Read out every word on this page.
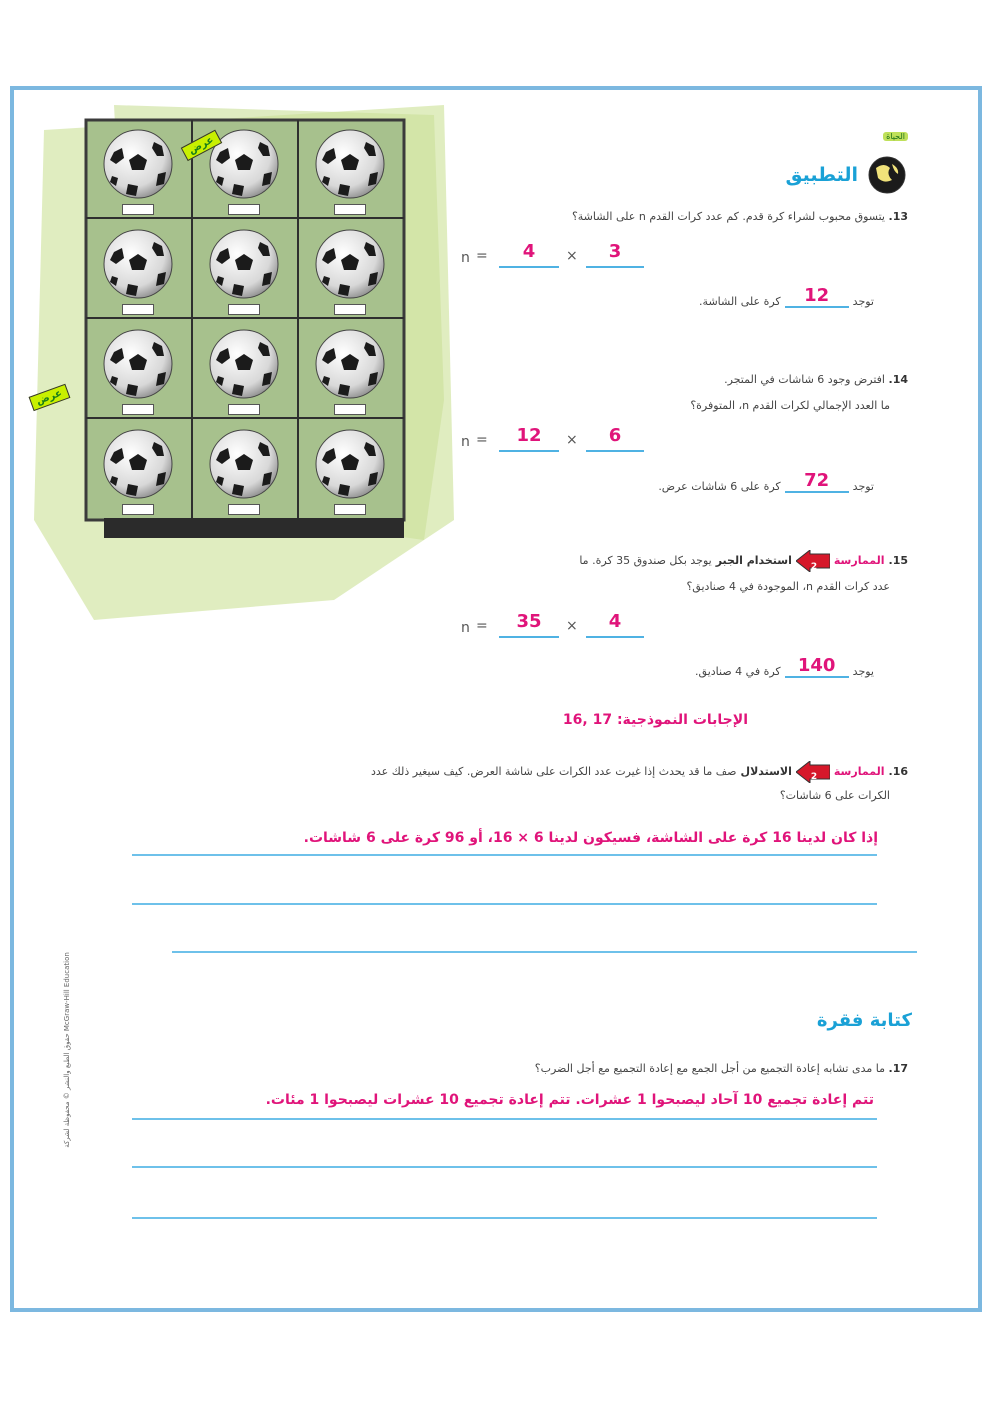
عرض
عرض
التطبيق
الحياة
13. يتسوق محبوب لشراء كرة قدم. كم عدد كرات القدم n على الشاشة؟
n =	4	×	3
توجد
12
كرة على الشاشة.
14. افترض وجود 6 شاشات في المتجر.
ما العدد الإجمالي لكرات القدم n، المتوفرة؟
n =	12	×	6
توجد
72
كرة على 6 شاشات عرض.
15.
الممارسة
2
استخدام الجبر
يوجد بكل صندوق 35 كرة. ما
عدد كرات القدم n، الموجودة في 4 صناديق؟
n =	35	×	4
يوجد
140
كرة في 4 صناديق.
الإجابات النموذجية: 17 ,16
16.
الممارسة
2
الاستدلال
صف ما قد يحدث إذا غيرت عدد الكرات على شاشة العرض. كيف سيغير ذلك عدد
الكرات على 6 شاشات؟
إذا كان لدينا 16 كرة على الشاشة، فسيكون لدينا 6 × 16، أو 96 كرة على 6 شاشات.
كتابة فقرة
17. ما مدى تشابه إعادة التجميع من أجل الجمع مع إعادة التجميع مع أجل الضرب؟
تتم إعادة تجميع 10 آحاد ليصبحوا 1 عشرات. تتم إعادة تجميع 10 عشرات ليصبحوا 1 مئات.
حقوق الطبع والنشر © محفوظة لشركة McGraw-Hill Education
